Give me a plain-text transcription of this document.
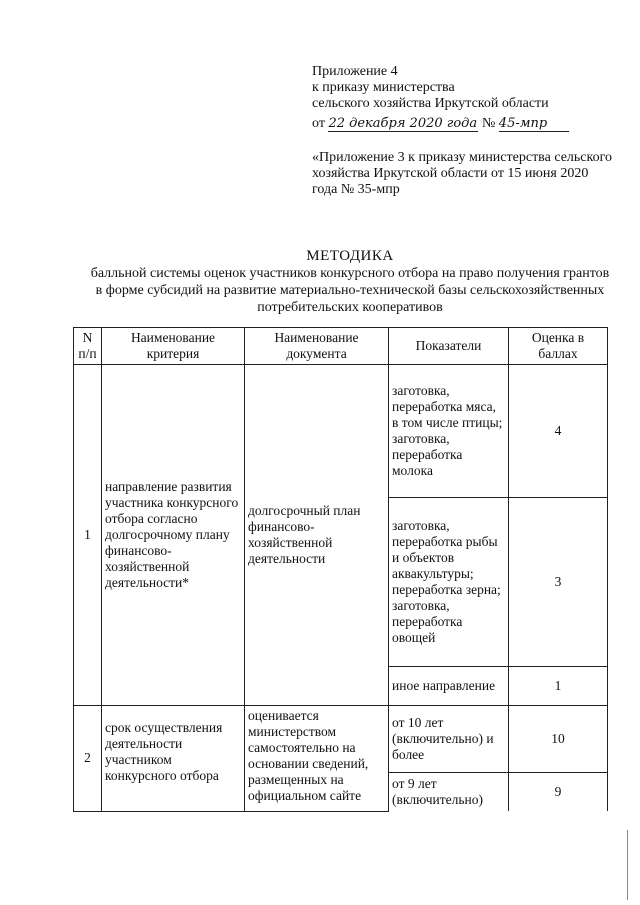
Приложение 4
к приказу министерства
сельского хозяйства Иркутской области
от 22 декабря 2020 года № 45-мпр
«Приложение 3 к приказу министерства сельского хозяйства Иркутской области от 15 июня 2020 года № 35-мпр
МЕТОДИКА
балльной системы оценок участников конкурсного отбора на право получения грантов в форме субсидий на развитие материально-технической базы сельскохозяйственных потребительских кооперативов
N п/п	Наименование критерия	Наименование документа	Показатели	Оценка в баллах
1	направление развития участника конкурсного отбора согласно долгосрочному плану финансово-хозяйственной деятельности*	долгосрочный план финансово-хозяйственной деятельности	заготовка, переработка мяса, в том числе птицы; заготовка, переработка молока	4
			заготовка, переработка рыбы и объектов аквакультуры; переработка зерна; заготовка, переработка овощей	3
			иное направление	1
2	срок осуществления деятельности участником конкурсного отбора	оценивается министерством самостоятельно на основании сведений, размещенных на официальном сайте	от 10 лет (включительно) и более	10
			от 9 лет (включительно)	9
